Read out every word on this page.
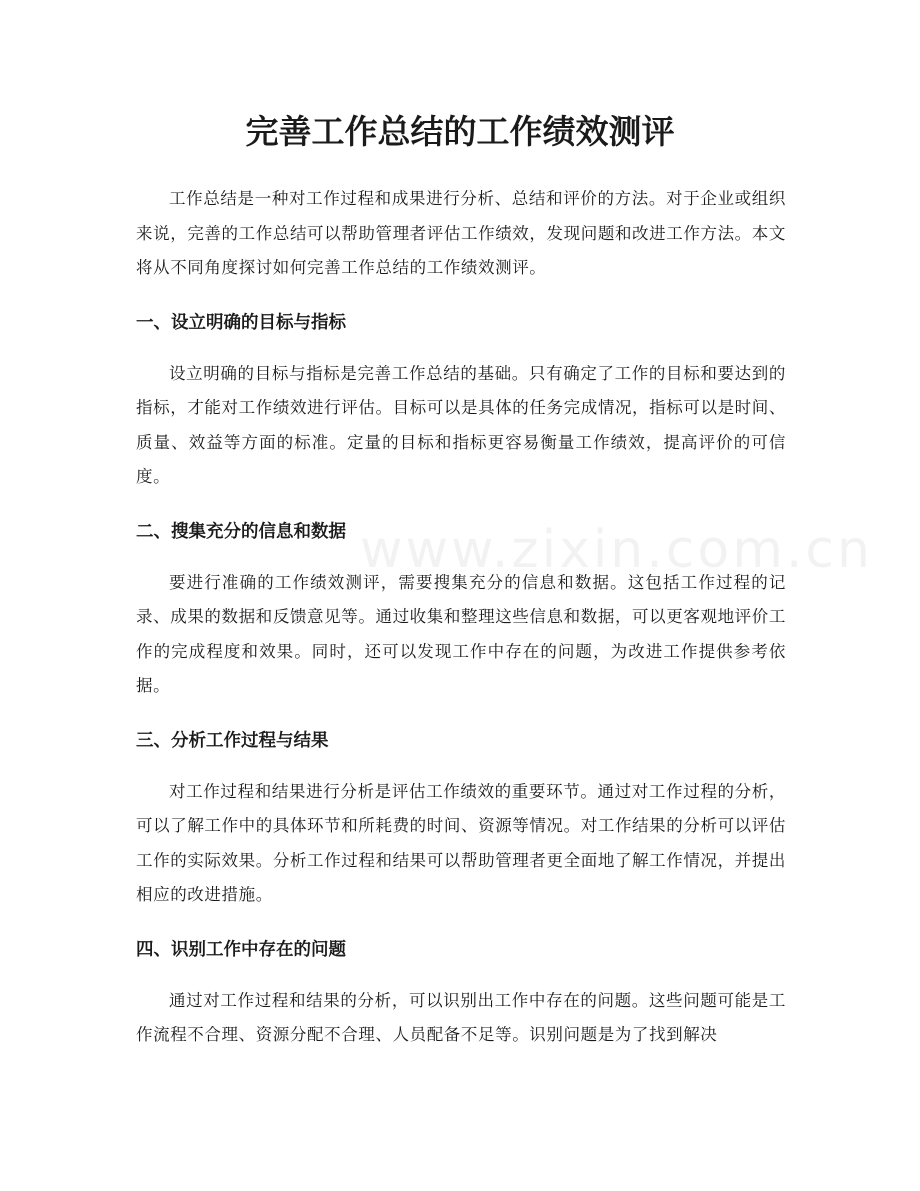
www.zixin.com.cn
完善工作总结的工作绩效测评

工作总结是一种对工作过程和成果进行分析、总结和评价的方法。对于企业或组织来说，完善的工作总结可以帮助管理者评估工作绩效，发现问题和改进工作方法。本文将从不同角度探讨如何完善工作总结的工作绩效测评。

一、设立明确的目标与指标

设立明确的目标与指标是完善工作总结的基础。只有确定了工作的目标和要达到的指标，才能对工作绩效进行评估。目标可以是具体的任务完成情况，指标可以是时间、质量、效益等方面的标准。定量的目标和指标更容易衡量工作绩效，提高评价的可信度。

二、搜集充分的信息和数据

要进行准确的工作绩效测评，需要搜集充分的信息和数据。这包括工作过程的记录、成果的数据和反馈意见等。通过收集和整理这些信息和数据，可以更客观地评价工作的完成程度和效果。同时，还可以发现工作中存在的问题，为改进工作提供参考依据。

三、分析工作过程与结果

对工作过程和结果进行分析是评估工作绩效的重要环节。通过对工作过程的分析，可以了解工作中的具体环节和所耗费的时间、资源等情况。对工作结果的分析可以评估工作的实际效果。分析工作过程和结果可以帮助管理者更全面地了解工作情况，并提出相应的改进措施。

四、识别工作中存在的问题

通过对工作过程和结果的分析，可以识别出工作中存在的问题。这些问题可能是工作流程不合理、资源分配不合理、人员配备不足等。识别问题是为了找到解决
